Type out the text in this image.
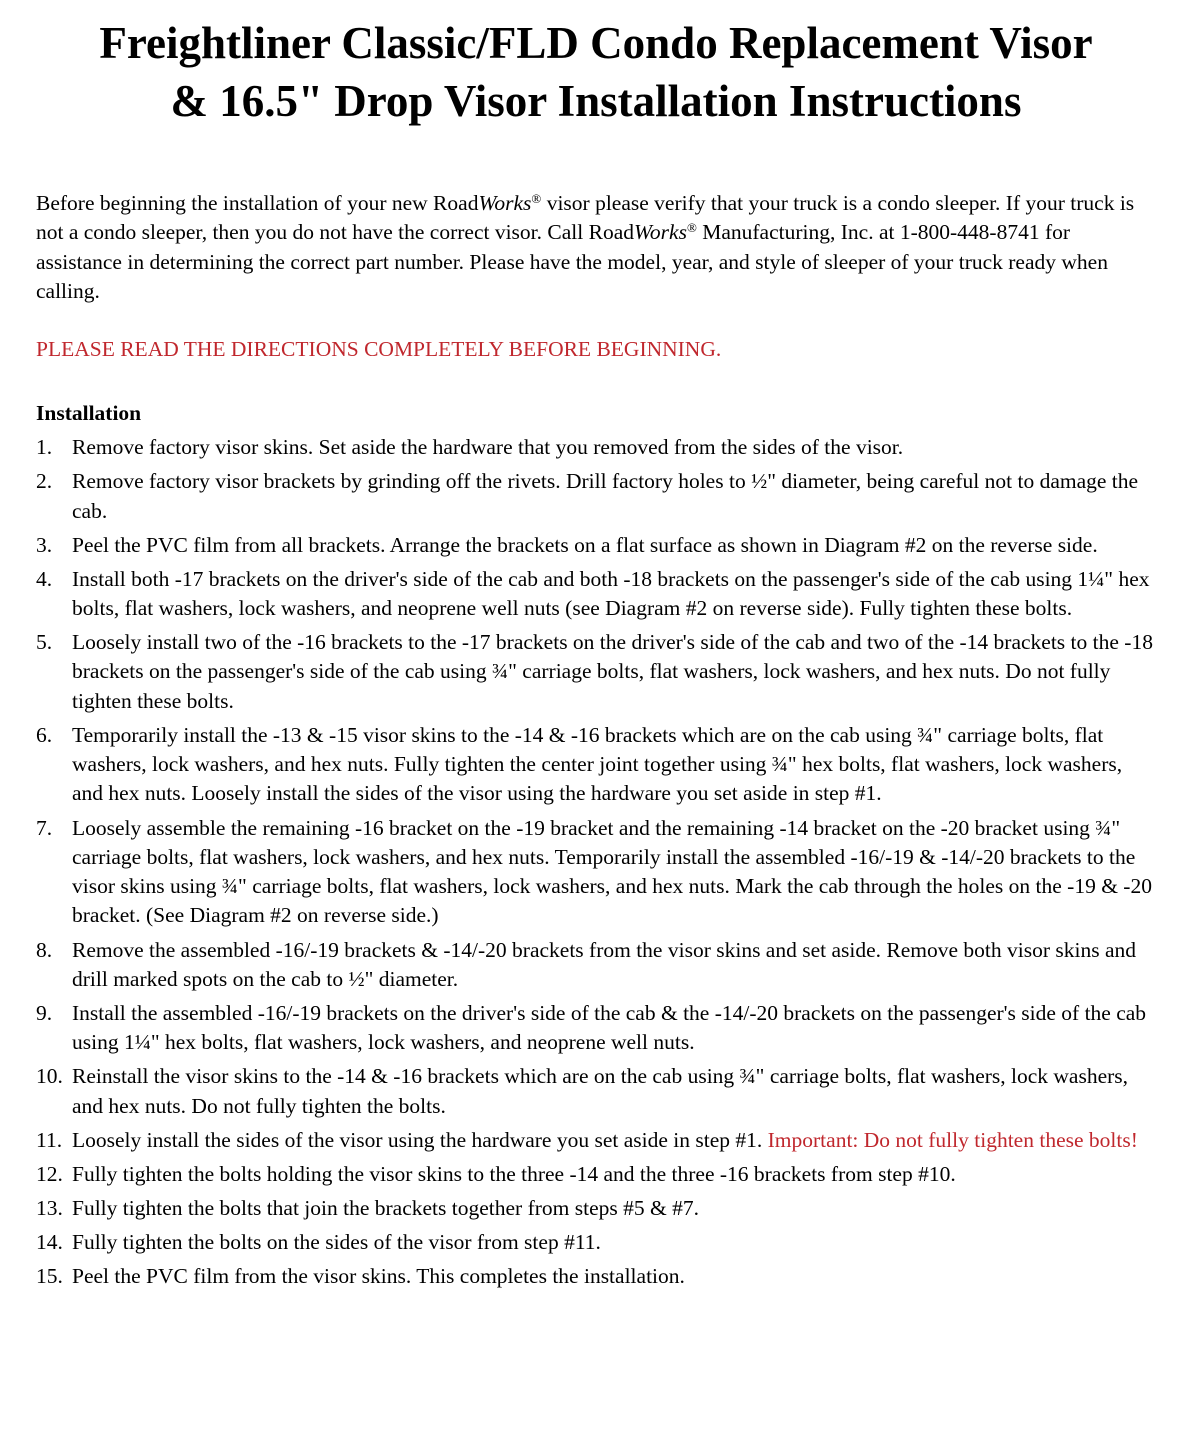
Freightliner Classic/FLD Condo Replacement Visor
& 16.5" Drop Visor Installation Instructions

Before beginning the installation of your new RoadWorks® visor please verify that your truck is a condo sleeper. If your truck is not a condo sleeper, then you do not have the correct visor. Call RoadWorks® Manufacturing, Inc. at 1-800-448-8741 for assistance in determining the correct part number. Please have the model, year, and style of sleeper of your truck ready when calling.

PLEASE READ THE DIRECTIONS COMPLETELY BEFORE BEGINNING.

Installation
1. Remove factory visor skins. Set aside the hardware that you removed from the sides of the visor.
2. Remove factory visor brackets by grinding off the rivets. Drill factory holes to ½" diameter, being careful not to damage the cab.
3. Peel the PVC film from all brackets. Arrange the brackets on a flat surface as shown in Diagram #2 on the reverse side.
4. Install both -17 brackets on the driver's side of the cab and both -18 brackets on the passenger's side of the cab using 1¼" hex bolts, flat washers, lock washers, and neoprene well nuts (see Diagram #2 on reverse side). Fully tighten these bolts.
5. Loosely install two of the -16 brackets to the -17 brackets on the driver's side of the cab and two of the -14 brackets to the -18 brackets on the passenger's side of the cab using ¾" carriage bolts, flat washers, lock washers, and hex nuts. Do not fully tighten these bolts.
6. Temporarily install the -13 & -15 visor skins to the -14 & -16 brackets which are on the cab using ¾" carriage bolts, flat washers, lock washers, and hex nuts. Fully tighten the center joint together using ¾" hex bolts, flat washers, lock washers, and hex nuts. Loosely install the sides of the visor using the hardware you set aside in step #1.
7. Loosely assemble the remaining -16 bracket on the -19 bracket and the remaining -14 bracket on the -20 bracket using ¾" carriage bolts, flat washers, lock washers, and hex nuts. Temporarily install the assembled -16/-19 & -14/-20 brackets to the visor skins using ¾" carriage bolts, flat washers, lock washers, and hex nuts. Mark the cab through the holes on the -19 & -20 bracket. (See Diagram #2 on reverse side.)
8. Remove the assembled -16/-19 brackets & -14/-20 brackets from the visor skins and set aside. Remove both visor skins and drill marked spots on the cab to ½" diameter.
9. Install the assembled -16/-19 brackets on the driver's side of the cab & the -14/-20 brackets on the passenger's side of the cab using 1¼" hex bolts, flat washers, lock washers, and neoprene well nuts.
10. Reinstall the visor skins to the -14 & -16 brackets which are on the cab using ¾" carriage bolts, flat washers, lock washers, and hex nuts. Do not fully tighten the bolts.
11. Loosely install the sides of the visor using the hardware you set aside in step #1. Important: Do not fully tighten these bolts!
12. Fully tighten the bolts holding the visor skins to the three -14 and the three -16 brackets from step #10.
13. Fully tighten the bolts that join the brackets together from steps #5 & #7.
14. Fully tighten the bolts on the sides of the visor from step #11.
15. Peel the PVC film from the visor skins. This completes the installation.
